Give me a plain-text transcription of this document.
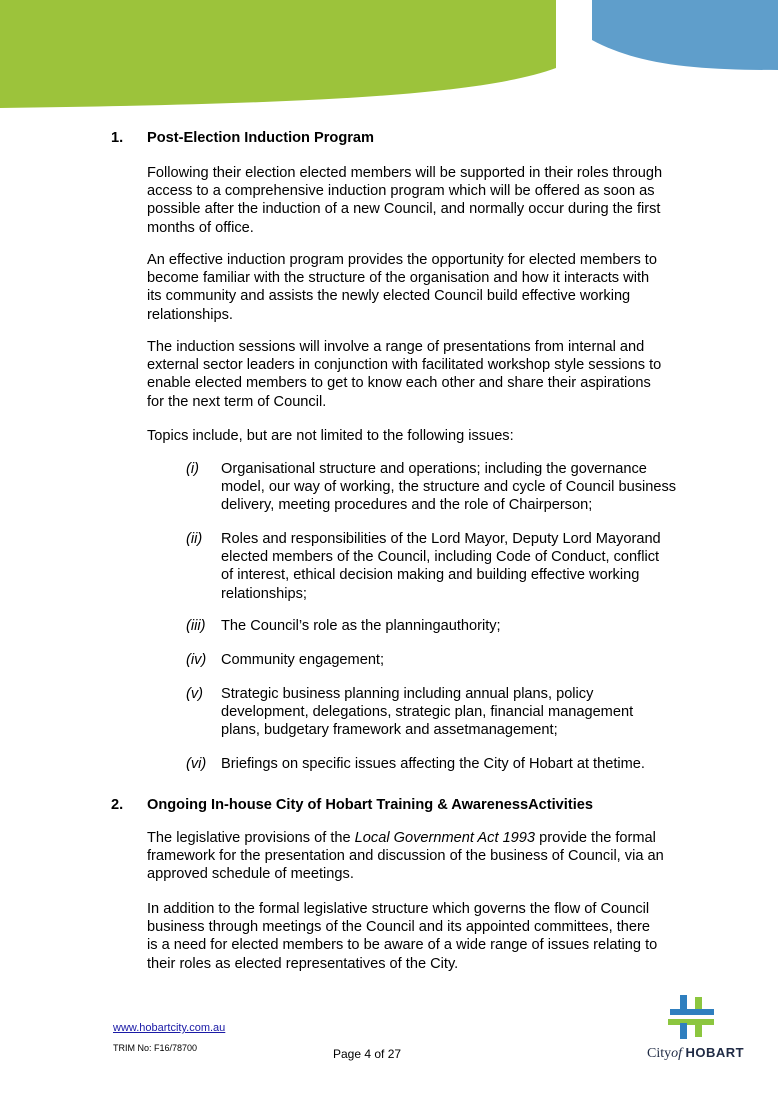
1. Post-Election Induction Program
Following their election elected members will be supported in their roles through
access to a comprehensive induction program which will be offered as soon as
possible after the induction of a new Council, and normally occur during the first
months of office.
An effective induction program provides the opportunity for elected members to
become familiar with the structure of the organisation and how it interacts with
its community and assists the newly elected Council build effective working
relationships.
The induction sessions will involve a range of presentations from internal and
external sector leaders in conjunction with facilitated workshop style sessions to
enable elected members to get to know each other and share their aspirations
for the next term of Council.
Topics include, but are not limited to the following issues:
(i) Organisational structure and operations; including the governance
model, our way of working, the structure and cycle of Council business
delivery, meeting procedures and the role of Chairperson;
(ii) Roles and responsibilities of the Lord Mayor, Deputy Lord Mayorand
elected members of the Council, including Code of Conduct, conflict
of interest, ethical decision making and building effective working
relationships;
(iii) The Council’s role as the planningauthority;
(iv) Community engagement;
(v) Strategic business planning including annual plans, policy
development, delegations, strategic plan, financial management
plans, budgetary framework and assetmanagement;
(vi) Briefings on specific issues affecting the City of Hobart at thetime.
2. Ongoing In-house City of Hobart Training & AwarenessActivities
The legislative provisions of the Local Government Act 1993 provide the formal
framework for the presentation and discussion of the business of Council, via an
approved schedule of meetings.
In addition to the formal legislative structure which governs the flow of Council
business through meetings of the Council and its appointed committees, there
is a need for elected members to be aware of a wide range of issues relating to
their roles as elected representatives of the City.
www.hobartcity.com.au
TRIM No: F16/78700	Page 4 of 27	Cityof HOBART
